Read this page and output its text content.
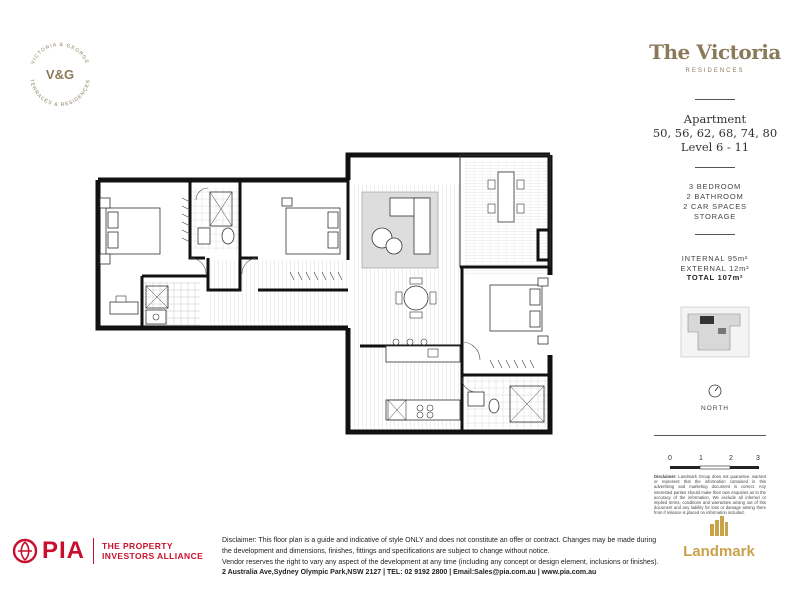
VICTORIA & GEORGE
TERRACES & RESIDENCES
V&G
The Victoria
RESIDENCES
Apartment
50, 56, 62, 68, 74, 80
Level 6 - 11
3 BEDROOM
2 BATHROOM
2 CAR SPACES
STORAGE
INTERNAL 95m²
EXTERNAL 12m²
TOTAL 107m²
NORTH
0	1	2	3
Disclaimer: Landmark Group does not guarantee, warrant or represent that the information contained in this advertising and marketing document is correct. Any interested parties should make their own enquiries as to the accuracy of the information. We exclude all inferred or implied terms, conditions and warranties arising out of this document and any liability for loss or damage arising there from if reliance is placed on information included.
PIA THE PROPERTY
INVESTORS ALLIANCE
Disclaimer: This floor plan is a guide and indicative of style ONLY and does not constitute an offer or contract. Changes may be made during the development and dimensions, finishes, fittings and specifications are subject to change without notice.
Vendor reserves the right to vary any aspect of the development at any time (including any concept or design element, inclusions or finishes).
2 Australia Ave,Sydney Olympic Park,NSW 2127 | TEL: 02 9192 2800 | Email:Sales@pia.com.au | www.pia.com.au
Landmark
